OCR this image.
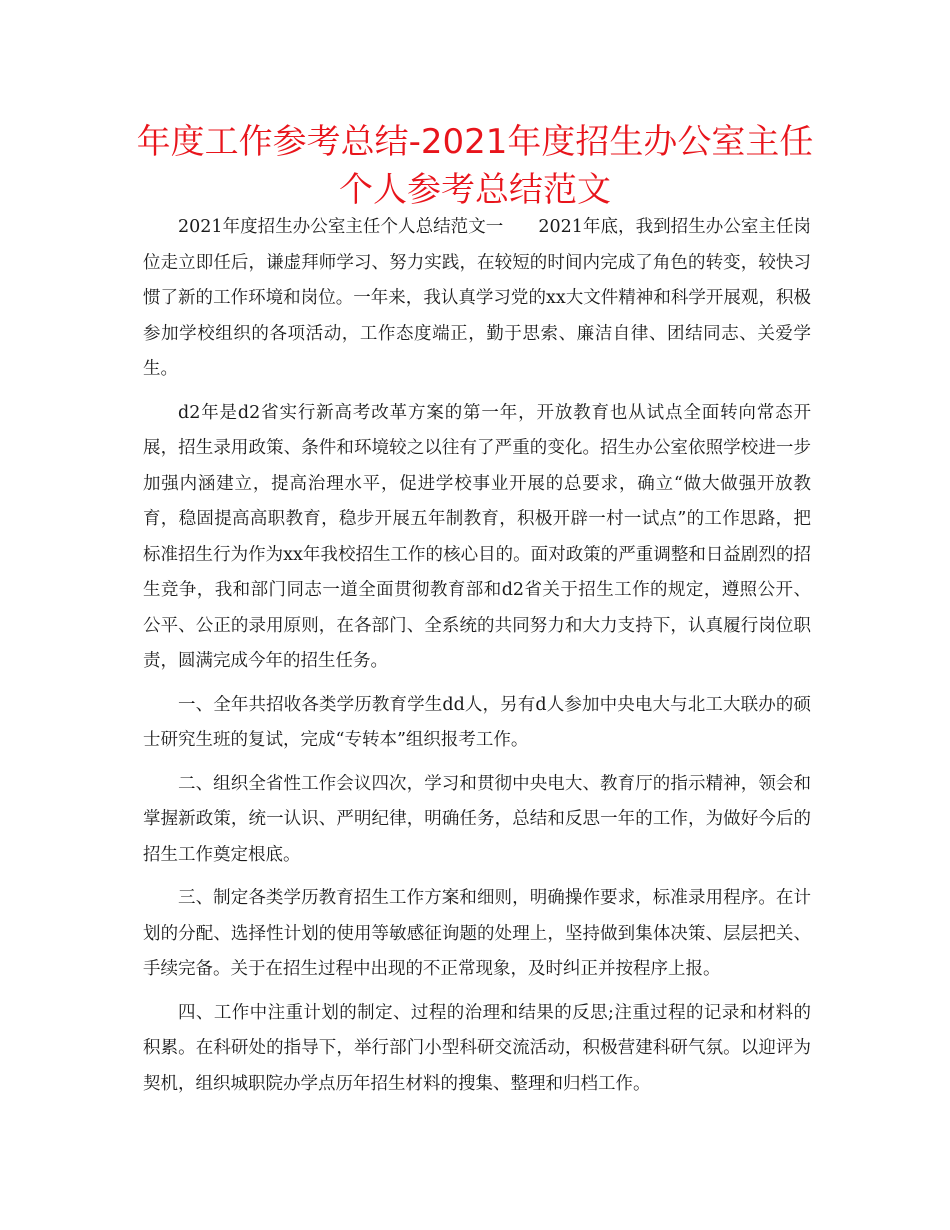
年度工作参考总结-2021年度招生办公室主任个人参考总结范文

2021年度招生办公室主任个人总结范文一　　2021年底，我到招生办公室主任岗位走立即任后，谦虚拜师学习、努力实践，在较短的时间内完成了角色的转变，较快习惯了新的工作环境和岗位。一年来，我认真学习党的xx大文件精神和科学开展观，积极参加学校组织的各项活动，工作态度端正，勤于思索、廉洁自律、团结同志、关爱学生。

d2年是d2省实行新高考改革方案的第一年，开放教育也从试点全面转向常态开展，招生录用政策、条件和环境较之以往有了严重的变化。招生办公室依照学校进一步加强内涵建立，提高治理水平，促进学校事业开展的总要求，确立“做大做强开放教育，稳固提高高职教育，稳步开展五年制教育，积极开辟一村一试点”的工作思路，把标准招生行为作为xx年我校招生工作的核心目的。面对政策的严重调整和日益剧烈的招生竞争，我和部门同志一道全面贯彻教育部和d2省关于招生工作的规定，遵照公开、公平、公正的录用原则，在各部门、全系统的共同努力和大力支持下，认真履行岗位职责，圆满完成今年的招生任务。

一、全年共招收各类学历教育学生dd人，另有d人参加中央电大与北工大联办的硕士研究生班的复试，完成“专转本”组织报考工作。

二、组织全省性工作会议四次，学习和贯彻中央电大、教育厅的指示精神，领会和掌握新政策，统一认识、严明纪律，明确任务，总结和反思一年的工作，为做好今后的招生工作奠定根底。

三、制定各类学历教育招生工作方案和细则，明确操作要求，标准录用程序。在计划的分配、选择性计划的使用等敏感征询题的处理上，坚持做到集体决策、层层把关、手续完备。关于在招生过程中出现的不正常现象，及时纠正并按程序上报。

四、工作中注重计划的制定、过程的治理和结果的反思;注重过程的记录和材料的积累。在科研处的指导下，举行部门小型科研交流活动，积极营建科研气氛。以迎评为契机，组织城职院办学点历年招生材料的搜集、整理和归档工作。
